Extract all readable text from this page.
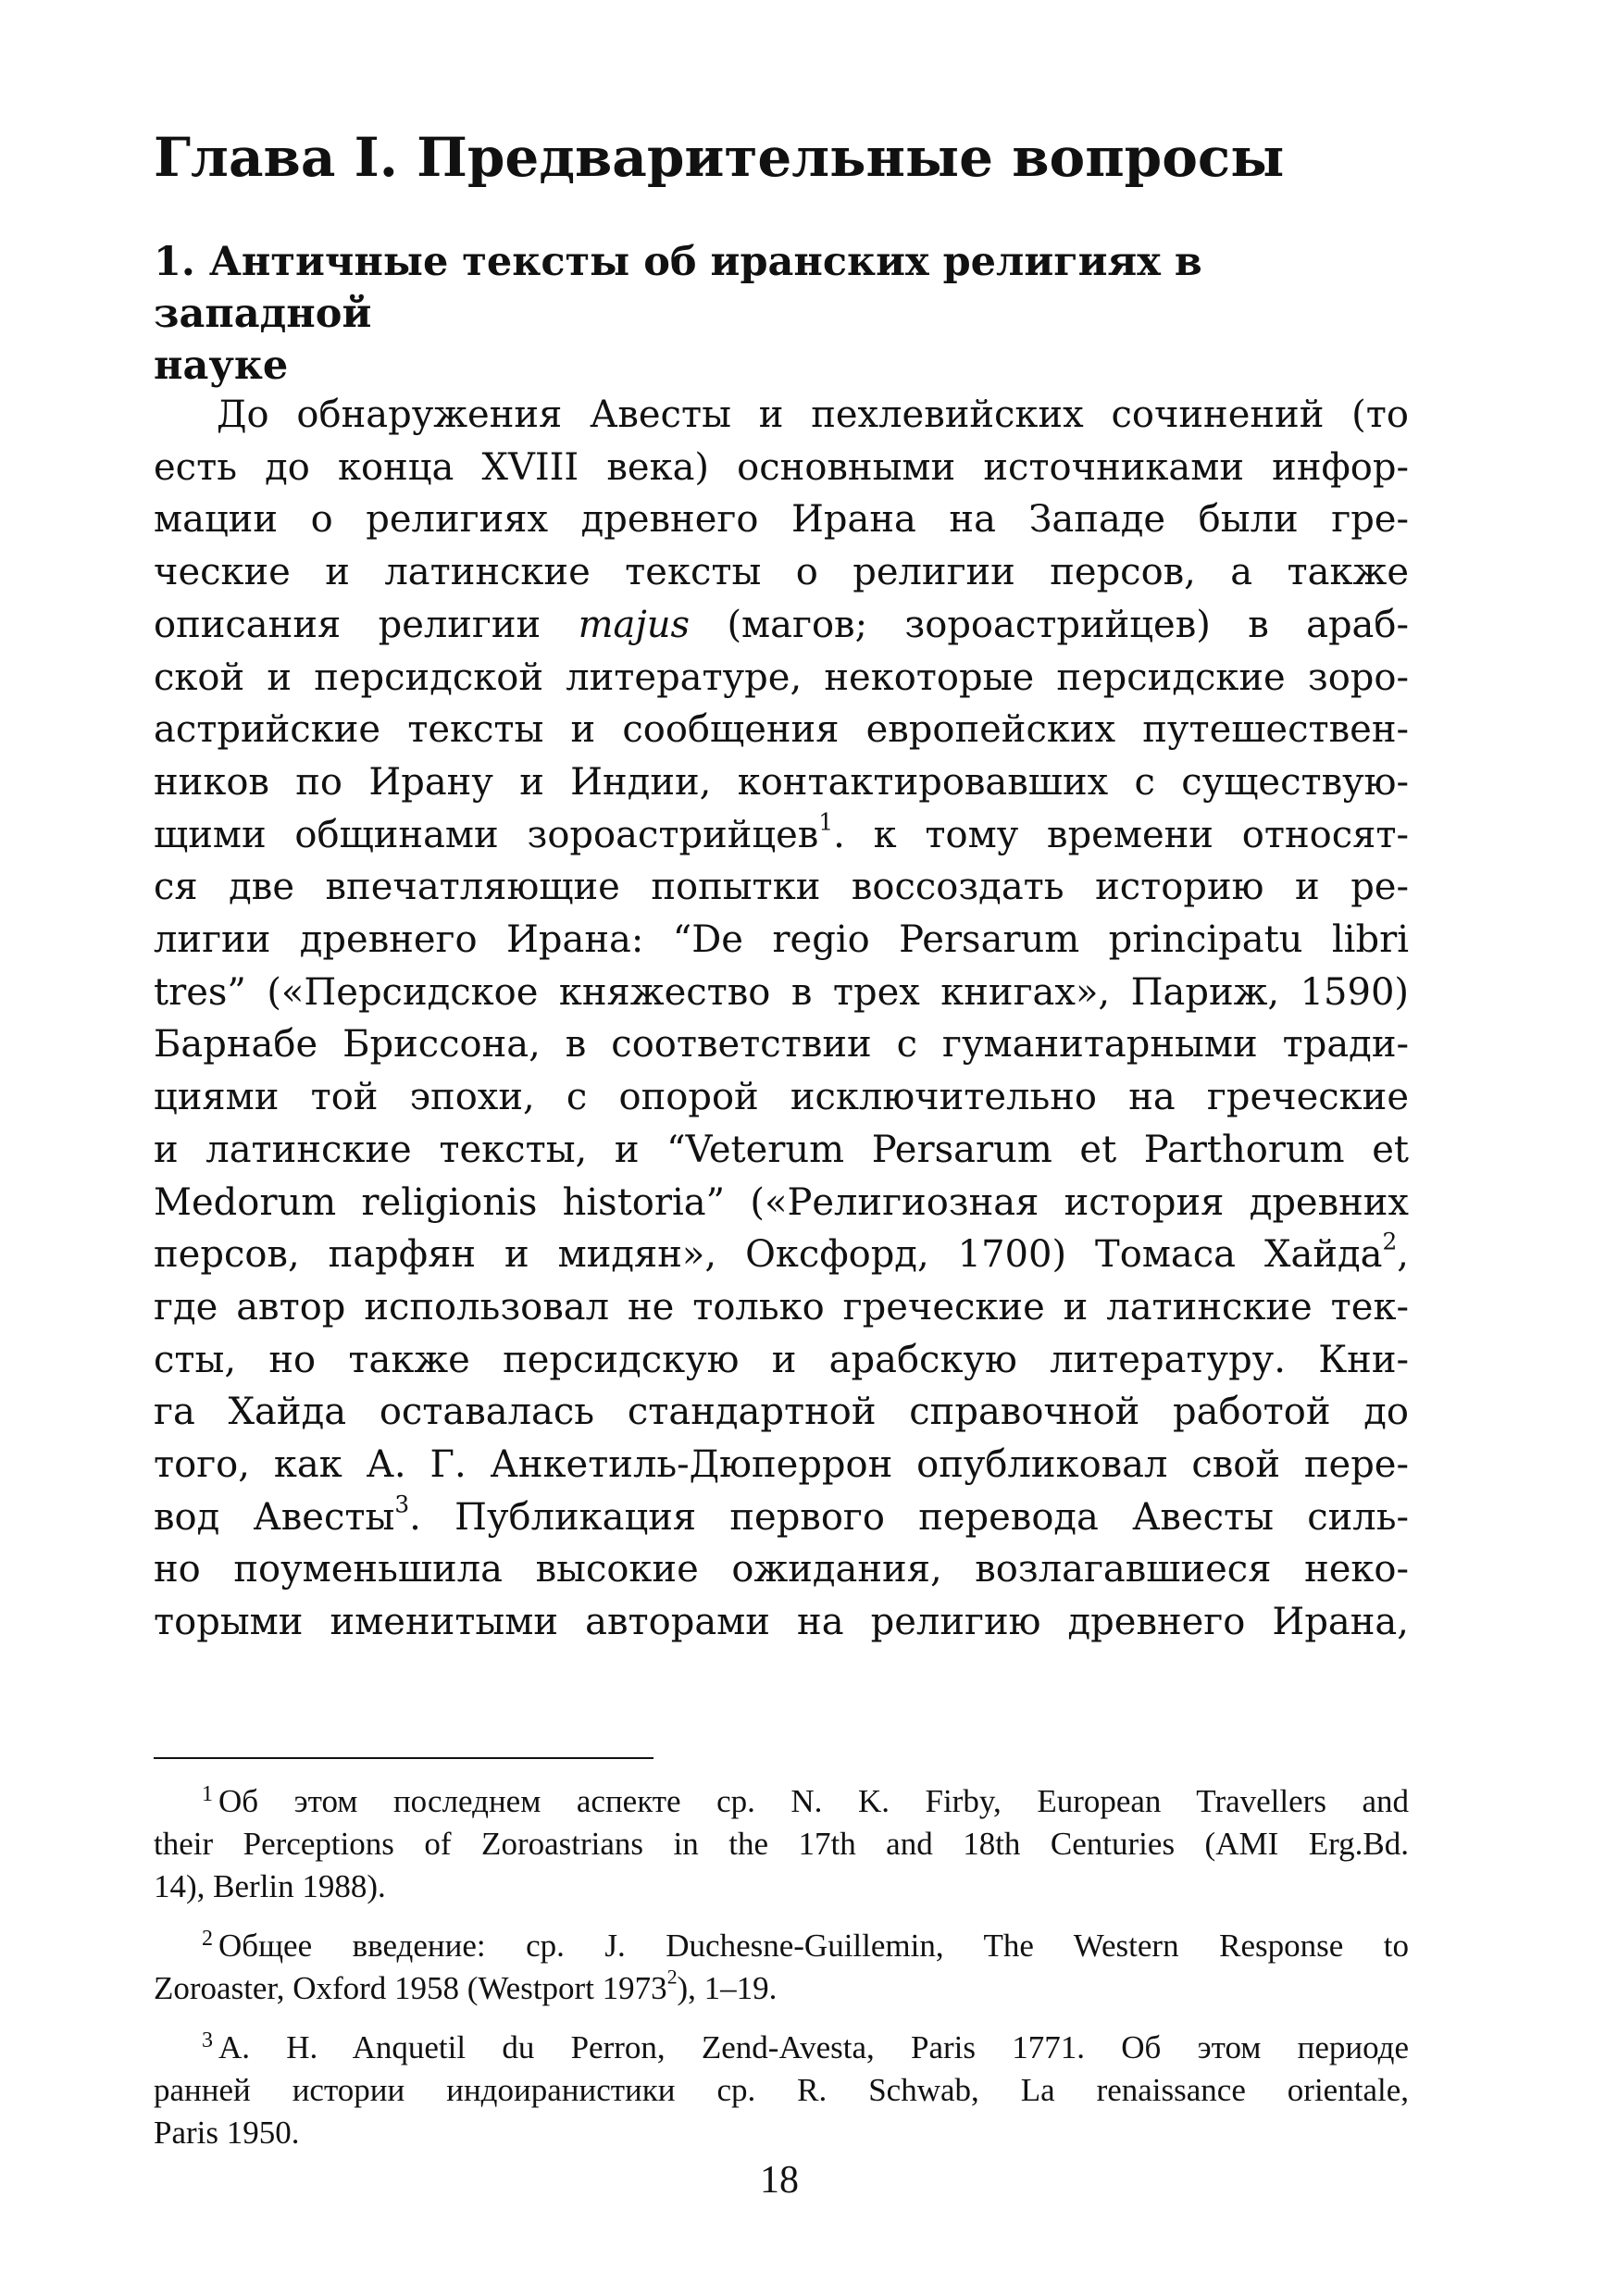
Глава I. Предварительные вопросы
1. Античные тексты об иранских религиях в западной
науке
До обнаружения Авесты и пехлевийских сочинений (то
есть до конца XVIII века) основными источниками инфор-
мации о религиях древнего Ирана на Западе были гре-
ческие и латинские тексты о религии персов, а также
описания религии majus (магов; зороастрийцев) в араб-
ской и персидской литературе, некоторые персидские зоро-
астрийские тексты и сообщения европейских путешествен-
ников по Ирану и Индии, контактировавших с существую-
щими общинами зороастрийцев$^1$. к тому времени относят-
ся две впечатляющие попытки воссоздать историю и ре-
лигии древнего Ирана: “De regio Persarum principatu libri
tres” («Персидское княжество в трех книгах», Париж, 1590)
Барнабе Бриссона, в соответствии с гуманитарными тради-
циями той эпохи, с опорой исключительно на греческие
и латинские тексты, и “Veterum Persarum et Parthorum et
Medorum religionis historia” («Религиозная история древних
персов, парфян и мидян», Оксфорд, 1700) Томаса Хайда$^2$,
где автор использовал не только греческие и латинские тек-
сты, но также персидскую и арабскую литературу. Кни-
га Хайда оставалась стандартной справочной работой до
того, как А. Г. Анкетиль-Дюперрон опубликовал свой пере-
вод Авесты$^3$. Публикация первого перевода Авесты силь-
но поуменьшила высокие ожидания, возлагавшиеся неко-
торыми именитыми авторами на религию древнего Ирана,
$^1$ Об этом последнем аспекте ср. N. K. Firby, European Travellers and
their Perceptions of Zoroastrians in the 17th and 18th Centuries (AMI Erg.Bd.
14), Berlin 1988).
$^2$ Общее введение: ср. J. Duchesne-Guillemin, The Western Response to
Zoroaster, Oxford 1958 (Westport 1973$^2$), 1–19.
$^3$ A. H. Anquetil du Perron, Zend-Avesta, Paris 1771. Об этом периоде
ранней истории индоиранистики ср. R. Schwab, La renaissance orientale,
Paris 1950.
18
